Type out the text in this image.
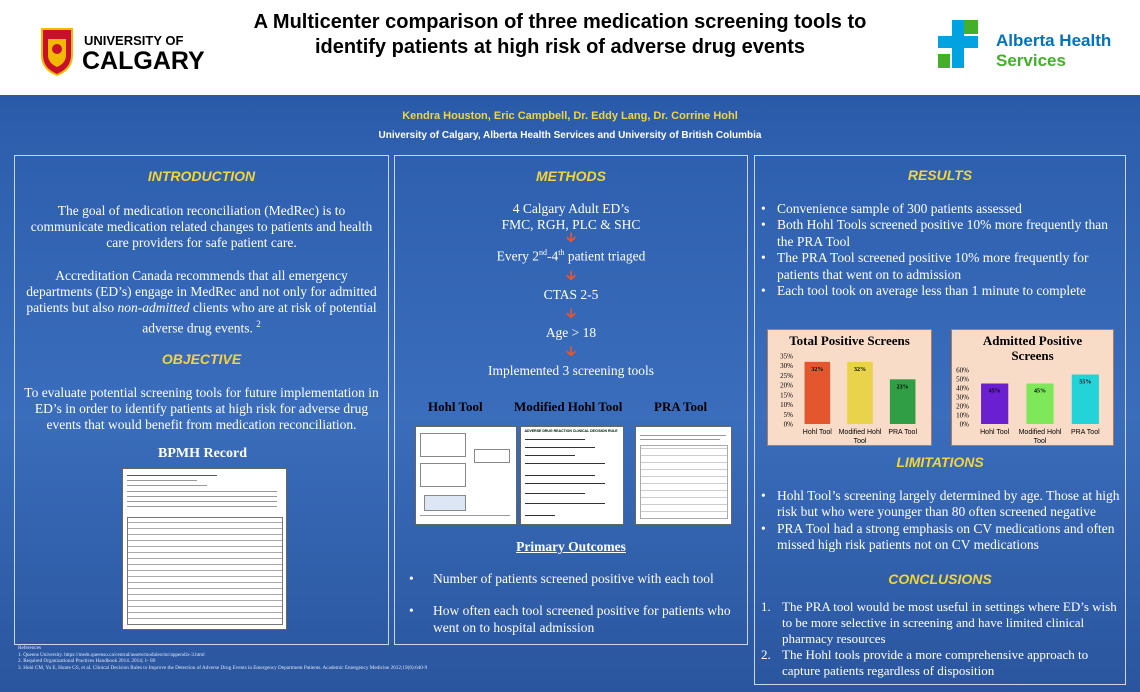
UNIVERSITY OF
CALGARY
A Multicenter comparison of three medication screening tools to identify patients at high risk of adverse drug events	Alberta Health
Services
Kendra Houston, Eric Campbell, Dr. Eddy Lang, Dr. Corrine Hohl
University of Calgary, Alberta Health Services and University of British Columbia
INTRODUCTION
The goal of medication reconciliation (MedRec) is to communicate medication related changes to patients and health care providers for safe patient care.
Accreditation Canada recommends that all emergency departments (ED’s) engage in MedRec and not only for admitted patients but also non-admitted clients who are at risk of potential adverse drug events. $^2$
OBJECTIVE
To evaluate potential screening tools for future implementation in ED’s in order to identify patients at high risk for adverse drug events that would benefit from medication reconciliation.
BPMH Record
METHODS
4 Calgary Adult ED’s
FMC, RGH, PLC & SHC
🡳
Every 2nd-4th patient triaged
🡳
CTAS 2-5
🡳
Age > 18
🡳
Implemented 3 screening tools
Hohl Tool Modified Hohl Tool PRA Tool
ADVERSE DRUG REACTION CLINICAL DECISION RULE
Primary Outcomes
• Number of patients screened positive with each tool
• How often each tool screened positive for patients who went on to hospital admission
RESULTS
• Convenience sample of 300 patients assessed
• Both Hohl Tools screened positive 10% more frequently than the PRA Tool
• The PRA Tool screened positive 10% more frequently for patients that went on to admission
• Each tool took on average less than 1 minute to complete
Total Positive Screens
35%
30%
25%
20%
15%
10%
5%
0%
32%
Hohl Tool
32%
Modified Hohl
Tool
23%
PRA Tool
Admitted Positive Screens
60%
50%
40%
30%
20%
10%
0%
45%
Hohl Tool
45%
Modified Hohl
Tool
55%
PRA Tool
LIMITATIONS
• Hohl Tool’s screening largely determined by age. Those at high risk but who were younger than 80 often screened negative
• PRA Tool had a strong emphasis on CV medications and often missed high risk patients not on CV medications
CONCLUSIONS
1. The PRA tool would be most useful in settings where ED’s wish to be more selective in screening and have limited clinical pharmacy resources
2. The Hohl tools provide a more comprehensive approach to capture patients regardless of disposition
References
1. Queens University. https://meds.queensu.ca/central/assets/modules/mr/appendix-3.html
2. Required Organizational Practices Handbook 2014. 2014; 1- 80
3. Hohl CM, Yu E, Hunte GS, et al. Clinical Decision Rules to Improve the Detection of Adverse Drug Events in Emergency Department Patients. Academic Emergency Medicine 2012;19(6):640-9
